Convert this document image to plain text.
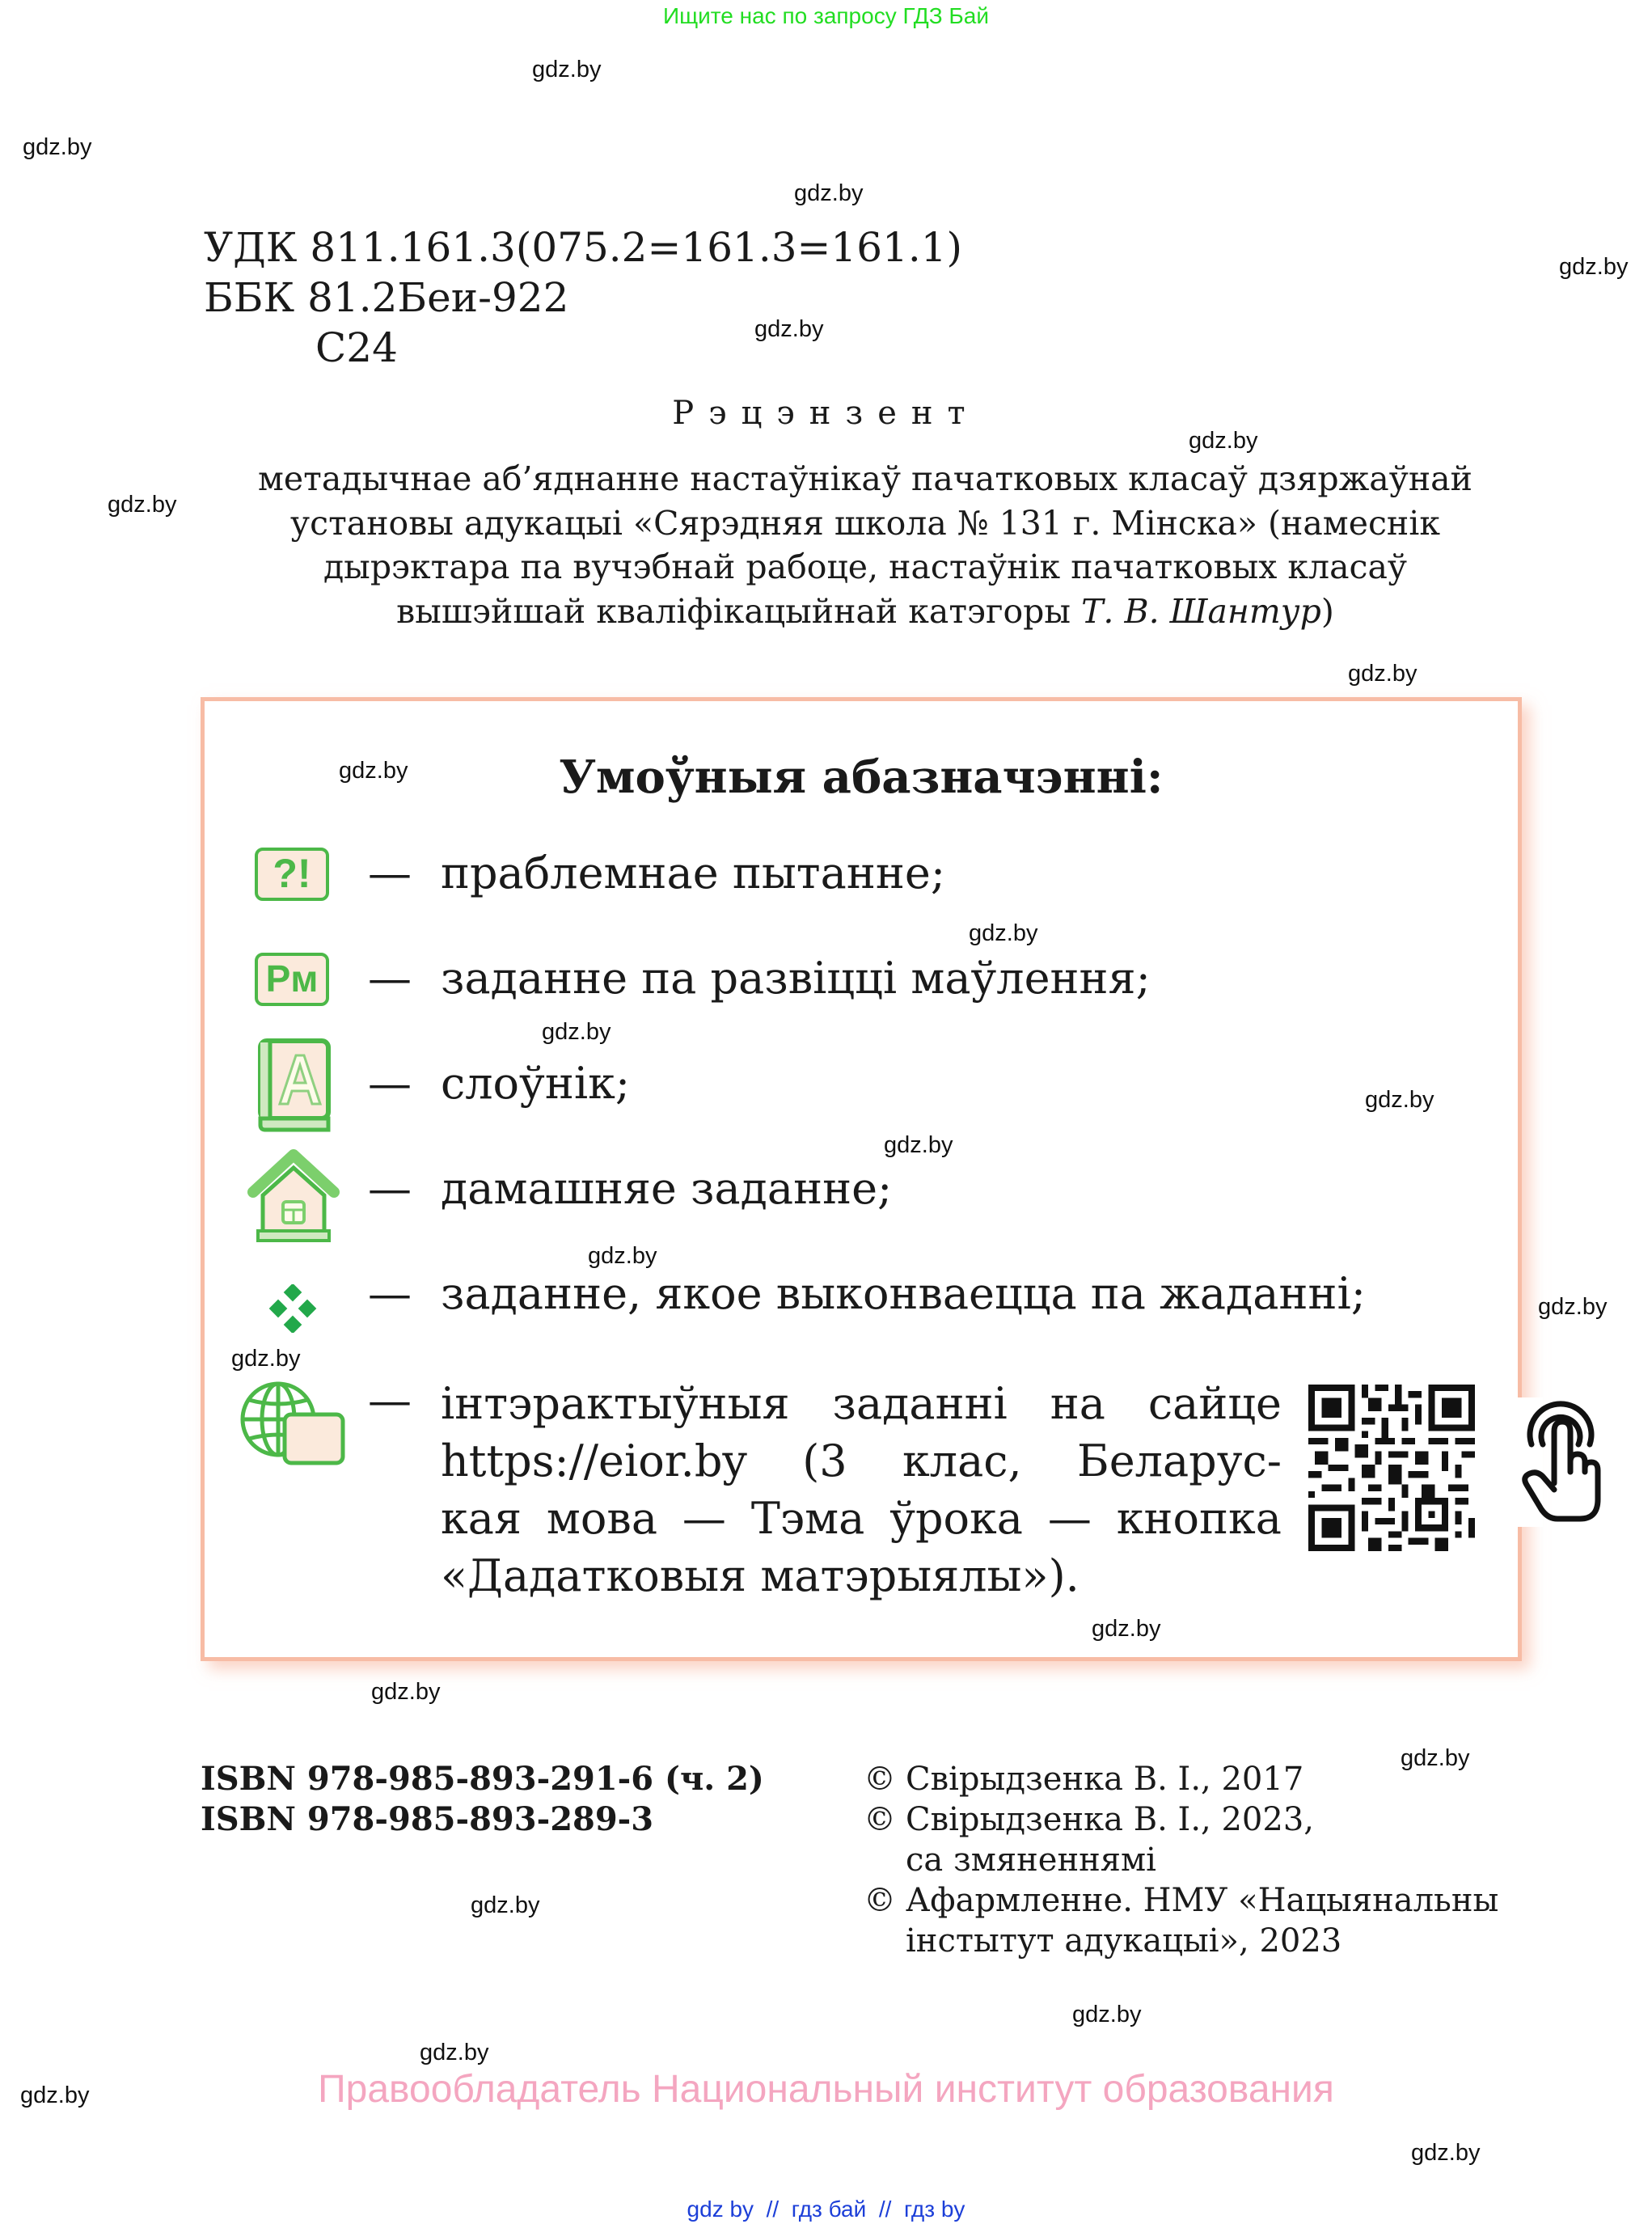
Ищите нас по запросу ГДЗ Бай
gdz.by
gdz.by
gdz.by
gdz.by
gdz.by
gdz.by
gdz.by
gdz.by
gdz.by
gdz.by
gdz.by
gdz.by
gdz.by
gdz.by
gdz.by
gdz.by
gdz.by
gdz.by
gdz.by
gdz.by
gdz.by
gdz.by
gdz.by
gdz.by
УДК 811.161.3(075.2=161.3=161.1)
ББК 81.2Беи-922
С24
Рэцэнзент
метадычнае аб’яднанне настаўнікаў пачатковых класаў дзяржаўнай
установы адукацыі «Сярэдняя школа № 131 г. Мінска» (намеснік
дырэктара па вучэбнай рабоце, настаўнік пачатковых класаў
вышэйшай кваліфікацыйнай катэгоры Т. В. Шантур)
Умоўныя абазначэнні:
?!	— праблемнае пытанне;
Рм — заданне па развіцці маўлення;
— слоўнік;
— дамашняе заданне;
— заданне, якое выконваецца па жаданні;
— інтэрактыўныя заданні на сайце
https://eior.by (3 клас, Беларус-
кая мова — Тэма ўрока — кнопка
«Дадатковыя матэрыялы»).
ISBN 978-985-893-291-6 (ч. 2)
ISBN 978-985-893-289-3
© Свірыдзенка В. І., 2017
© Свірыдзенка В. І., 2023,
са змяненнямі
© Афармленне. НМУ «Нацыянальны
інстытут адукацыі», 2023
Правообладатель Национальный институт образования
gdz by // гдз бай // гдз by
